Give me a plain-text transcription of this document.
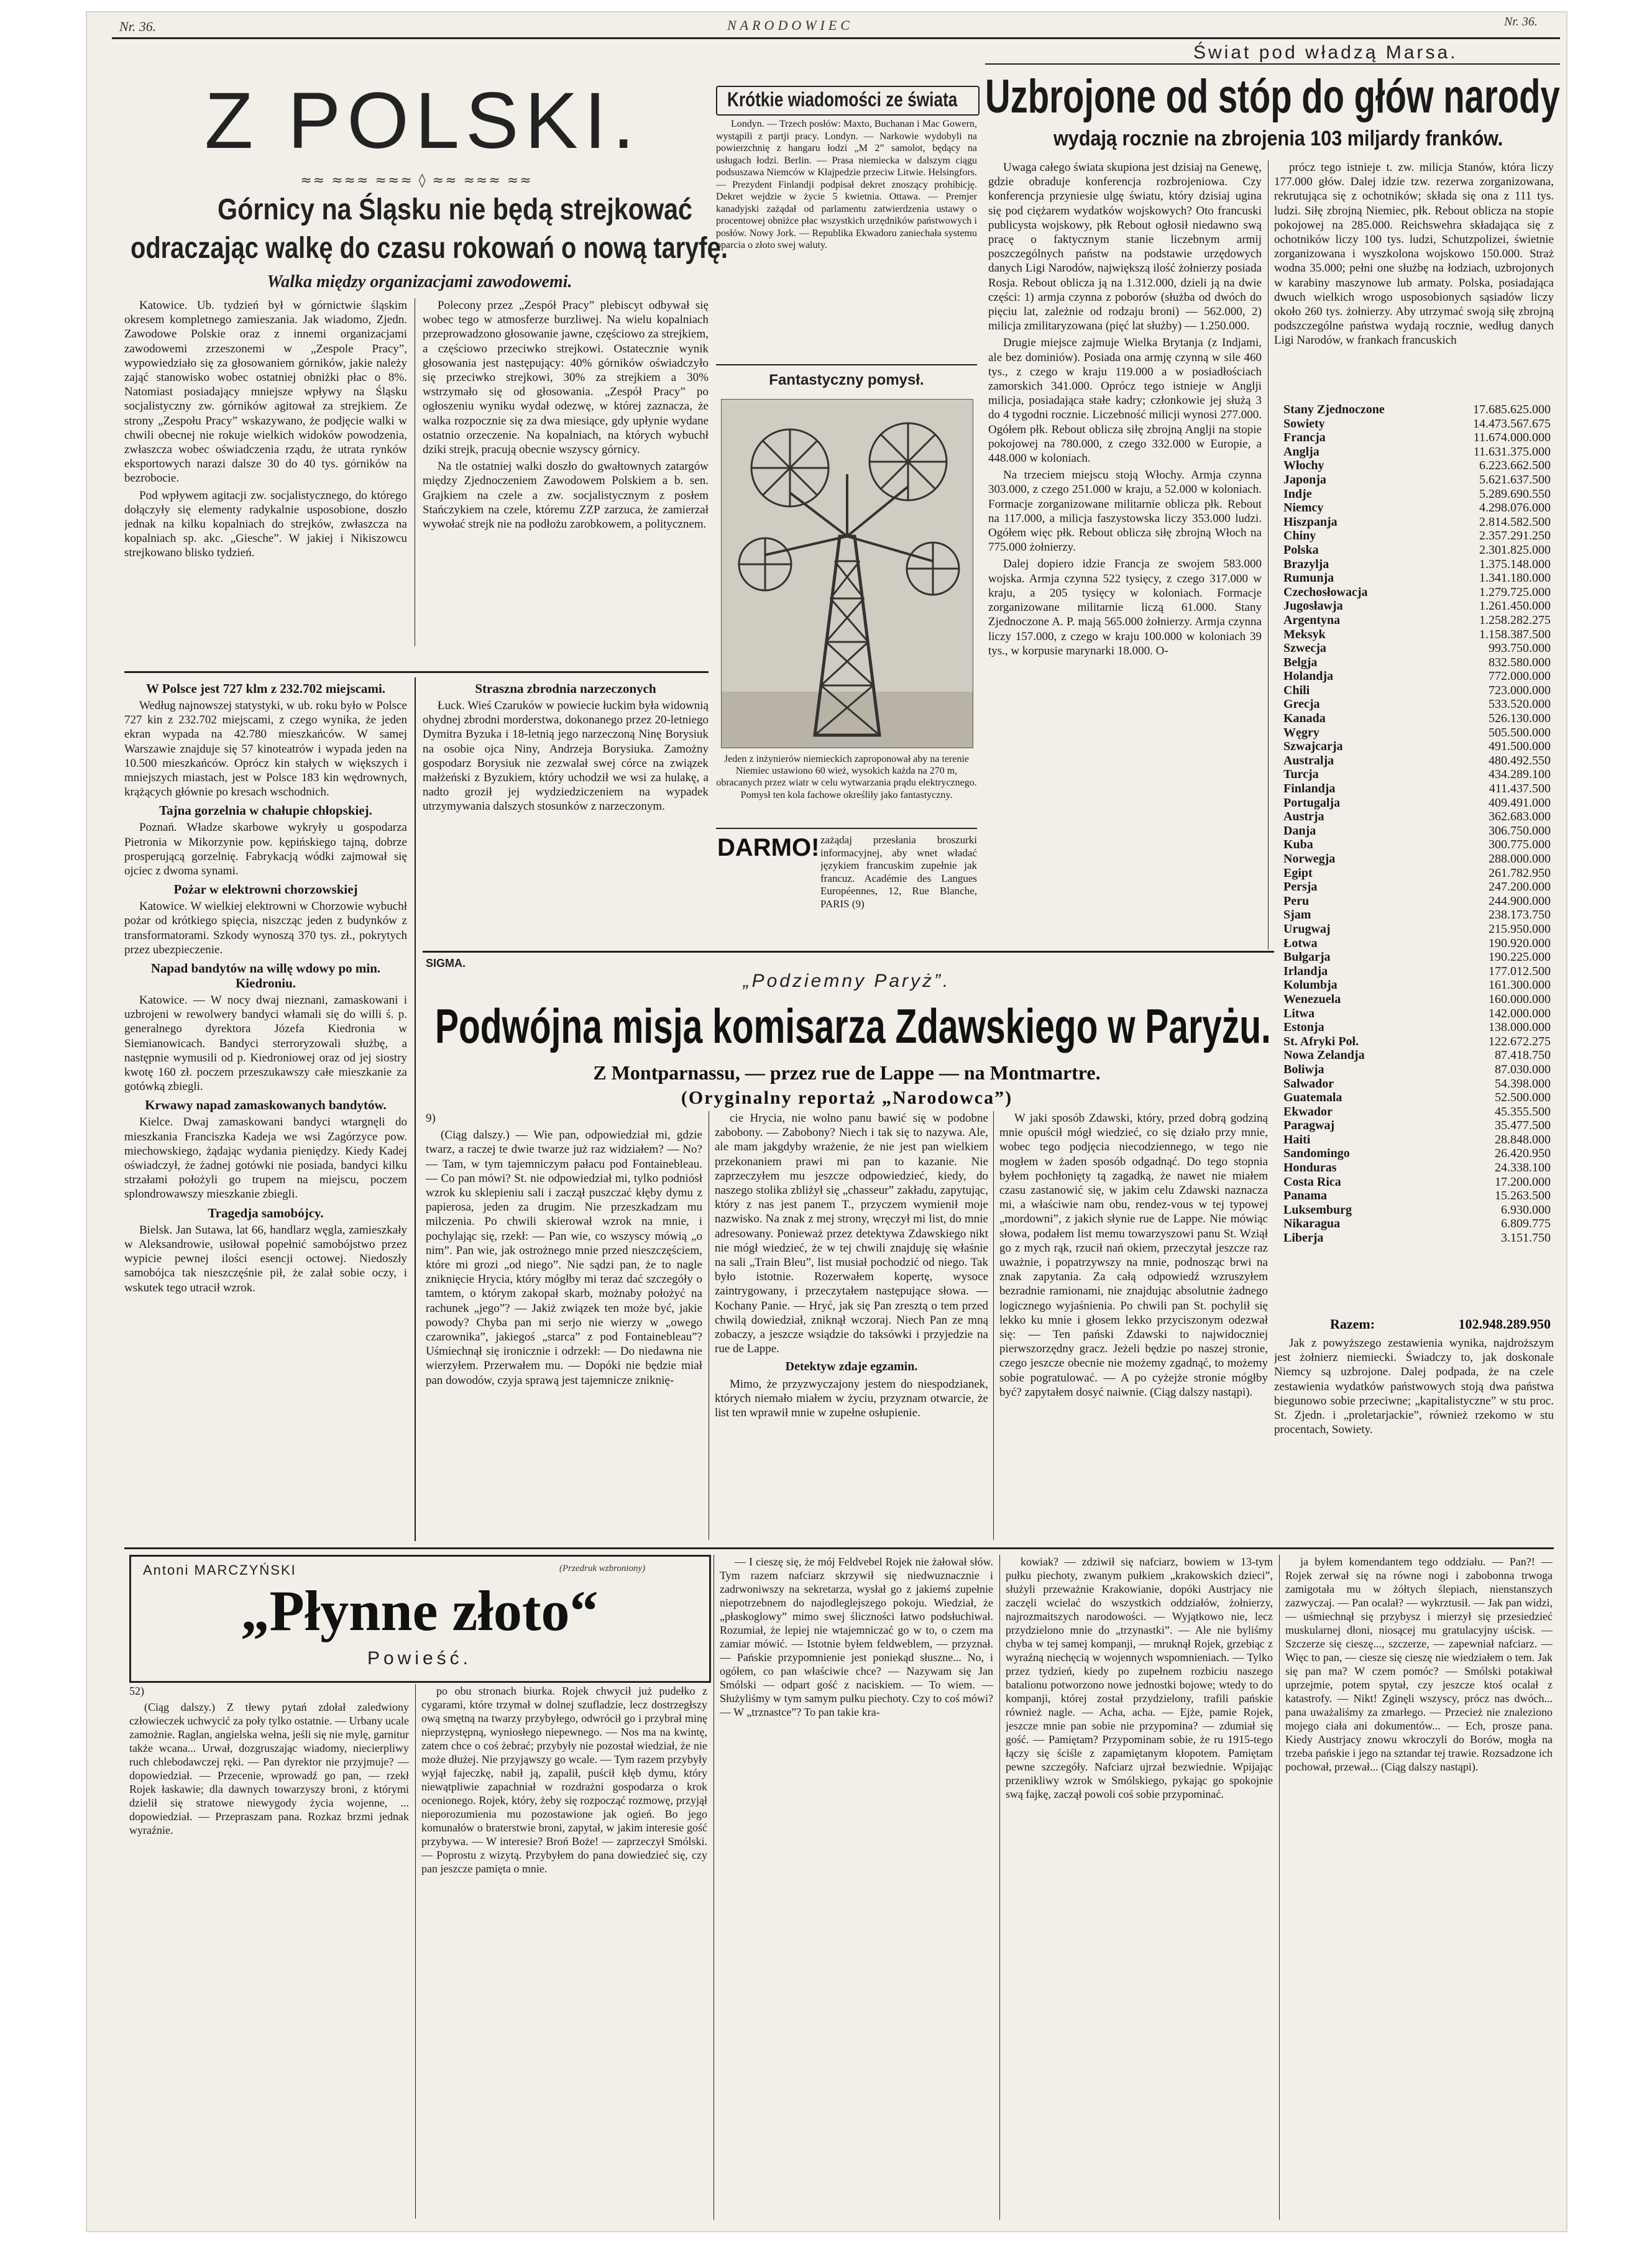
Nr. 36.	NARODOWIEC	Nr. 36.
Z POLSKI.
≈≈ ≈≈≈ ≈≈≈ ◊ ≈≈ ≈≈≈ ≈≈
Górnicy na Śląsku nie będą strejkować
odraczając walkę do czasu rokowań o nową taryfę.
Walka między organizacjami zawodowemi.

Katowice. Ub. tydzień był w górnictwie śląskim okresem kompletnego zamieszania. Jak wiadomo, Zjedn. Zawodowe Polskie oraz z innemi organizacjami zawodowemi zrzeszonemi w „Zespole Pracy”, wypowiedziało się za głosowaniem górników, jakie należy zająć stanowisko wobec ostatniej obniżki płac o 8%. Natomiast posiadający mniejsze wpływy na Śląsku socjalistyczny zw. górników agitował za strejkiem. Ze strony „Zespołu Pracy” wskazywano, że podjęcie walki w chwili obecnej nie rokuje wielkich widoków powodzenia, zwłaszcza wobec oświadczenia rządu, że utrata rynków eksportowych narazi dalsze 30 do 40 tys. górników na bezrobocie.

Pod wpływem agitacji zw. socjalistycznego, do którego dołączyły się elementy radykalnie usposobione, doszło jednak na kilku kopalniach do strejków, zwłaszcza na kopalniach sp. akc. „Giesche”. W jakiej i Nikiszowcu strejkowano blisko tydzień.

Polecony przez „Zespół Pracy” plebiscyt odbywał się wobec tego w atmosferze burzliwej. Na wielu kopalniach przeprowadzono głosowanie jawne, częściowo za strejkiem, a częściowo przeciwko strejkowi. Ostatecznie wynik głosowania jest następujący: 40% górników oświadczyło się przeciwko strejkowi, 30% za strejkiem a 30% wstrzymało się od głosowania. „Zespół Pracy” po ogłoszeniu wyniku wydał odezwę, w której zaznacza, że walka rozpocznie się za dwa miesiące, gdy upłynie wydane ostatnio orzeczenie. Na kopalniach, na których wybuchł dziki strejk, pracują obecnie wszyscy górnicy.

Na tle ostatniej walki doszło do gwałtownych zatargów między Zjednoczeniem Zawodowem Polskiem a b. sen. Grajkiem na czele a zw. socjalistycznym z posłem Stańczykiem na czele, któremu ZZP zarzuca, że zamierzał wywołać strejk nie na podłożu zarobkowem, a politycznem.

W Polsce jest 727 klm z 232.702 miejscami.

Według najnowszej statystyki, w ub. roku było w Polsce 727 kin z 232.702 miejscami, z czego wynika, że jeden ekran wypada na 42.780 mieszkańców. W samej Warszawie znajduje się 57 kinoteatrów i wypada jeden na 10.500 mieszkańców. Oprócz kin stałych w większych i mniejszych miastach, jest w Polsce 183 kin wędrownych, krążących głównie po kresach wschodnich.

Tajna gorzelnia w chałupie chłopskiej.

Poznań. Władze skarbowe wykryły u gospodarza Pietronia w Mikorzynie pow. kępińskiego tajną, dobrze prosperującą gorzelnię. Fabrykacją wódki zajmował się ojciec z dwoma synami.

Pożar w elektrowni chorzowskiej

Katowice. W wielkiej elektrowni w Chorzowie wybuchł pożar od krótkiego spięcia, niszcząc jeden z budynków z transformatorami. Szkody wynoszą 370 tys. zł., pokrytych przez ubezpieczenie.

Napad bandytów na willę wdowy po min. Kiedroniu.

Katowice. — W nocy dwaj nieznani, zamaskowani i uzbrojeni w rewolwery bandyci włamali się do willi ś. p. generalnego dyrektora Józefa Kiedronia w Siemianowicach. Bandyci sterroryzowali służbę, a następnie wymusili od p. Kiedroniowej oraz od jej siostry kwotę 160 zł. poczem przeszukawszy całe mieszkanie za gotówką zbiegli.

Krwawy napad zamaskowanych bandytów.

Kielce. Dwaj zamaskowani bandyci wtargnęli do mieszkania Franciszka Kadeja we wsi Zagórzyce pow. miechowskiego, żądając wydania pieniędzy. Kiedy Kadej oświadczył, że żadnej gotówki nie posiada, bandyci kilku strzałami położyli go trupem na miejscu, poczem splondrowawszy mieszkanie zbiegli.

Tragedja samobójcy.

Bielsk. Jan Sutawa, lat 66, handlarz węgla, zamieszkały w Aleksandrowie, usiłował popełnić samobójstwo przez wypicie pewnej ilości esencji octowej. Niedoszły samobójca tak nieszczęśnie pił, że zalał sobie oczy, i wskutek tego utracił wzrok.

Straszna zbrodnia narzeczonych

Łuck. Wieś Czaruków w powiecie łuckim była widownią ohydnej zbrodni morderstwa, dokonanego przez 20-letniego Dymitra Byzuka i 18-letnią jego narzeczoną Ninę Borysiuk na osobie ojca Niny, Andrzeja Borysiuka. Zamożny gospodarz Borysiuk nie zezwalał swej córce na związek małżeński z Byzukiem, który uchodził we wsi za hulakę, a nadto groził jej wydziedziczeniem na wypadek utrzymywania dalszych stosunków z narzeczonym.

Krótkie wiadomości ze świata

Londyn. — Trzech posłów: Maxto, Buchanan i Mac Gowern, wystąpili z partji pracy. Londyn. — Narkowie wydobyli na powierzchnię z hangaru łodzi „M 2” samolot, będący na usługach łodzi. Berlin. — Prasa niemiecka w dalszym ciągu podsuszawa Niemców w Kłajpedzie przeciw Litwie. Helsingfors. — Prezydent Finlandji podpisał dekret znoszący prohibicję. Dekret wejdzie w życie 5 kwietnia. Ottawa. — Premjer kanadyjski zażądał od parlamentu zatwierdzenia ustawy o procentowej obniżce płac wszystkich urzędników państwowych i posłów. Nowy Jork. — Republika Ekwadoru zaniechała systemu oparcia o złoto swej waluty.

Fantastyczny pomysł.

Jeden z inżynierów niemieckich zaproponował aby na terenie Niemiec ustawiono 60 wież, wysokich każda na 270 m, obracanych przez wiatr w celu wytwarzania prądu elektrycznego. Pomysł ten kola fachowe określiły jako fantastyczny.

DARMO! zażądaj przesłania broszurki informacyjnej, aby wnet władać językiem francuskim zupełnie jak francuz. Académie des Langues Européennes, 12, Rue Blanche, PARIS (9)

Świat pod władzą Marsa.
Uzbrojone od stóp do głów narody
wydają rocznie na zbrojenia 103 miljardy franków.

Uwaga całego świata skupiona jest dzisiaj na Genewę, gdzie obraduje konferencja rozbrojeniowa. Czy konferencja przyniesie ulgę światu, który dzisiaj ugina się pod ciężarem wydatków wojskowych? Oto francuski publicysta wojskowy, płk Rebout ogłosił niedawno swą pracę o faktycznym stanie liczebnym armij poszczególnych państw na podstawie urzędowych danych Ligi Narodów, największą ilość żołnierzy posiada Rosja. Rebout oblicza ją na 1.312.000, dzieli ją na dwie części: 1) armja czynna z poborów (służba od dwóch do pięciu lat, zależnie od rodzaju broni) — 562.000, 2) milicja zmilitaryzowana (pięć lat służby) — 1.250.000.

Drugie miejsce zajmuje Wielka Brytanja (z Indjami, ale bez dominiów). Posiada ona armję czynną w sile 460 tys., z czego w kraju 119.000 a w posiadłościach zamorskich 341.000. Oprócz tego istnieje w Anglji milicja, posiadająca stałe kadry; członkowie jej służą 3 do 4 tygodni rocznie. Liczebność milicji wynosi 277.000. Ogółem płk. Rebout oblicza siłę zbrojną Anglji na stopie pokojowej na 780.000, z czego 332.000 w Europie, a 448.000 w koloniach.

Na trzeciem miejscu stoją Włochy. Armja czynna 303.000, z czego 251.000 w kraju, a 52.000 w koloniach. Formacje zorganizowane militarnie oblicza płk. Rebout na 117.000, a milicja faszystowska liczy 353.000 ludzi. Ogółem więc płk. Rebout oblicza siłę zbrojną Włoch na 775.000 żołnierzy.

Dalej dopiero idzie Francja ze swojem 583.000 wojska. Armja czynna 522 tysięcy, z czego 317.000 w kraju, a 205 tysięcy w koloniach. Formacje zorganizowane militarnie liczą 61.000. Stany Zjednoczone A. P. mają 565.000 żołnierzy. Armja czynna liczy 157.000, z czego w kraju 100.000 w koloniach 39 tys., w korpusie marynarki 18.000. O-

prócz tego istnieje t. zw. milicja Stanów, która liczy 177.000 głów. Dalej idzie tzw. rezerwa zorganizowana, rekrutująca się z ochotników; składa się ona z 111 tys. ludzi. Siłę zbrojną Niemiec, płk. Rebout oblicza na stopie pokojowej na 285.000. Reichswehra składająca się z ochotników liczy 100 tys. ludzi, Schutzpolizei, świetnie zorganizowana i wyszkolona wojskowo 150.000. Straż wodna 35.000; pełni one służbę na łodziach, uzbrojonych w karabiny maszynowe lub armaty. Polska, posiadająca dwuch wielkich wrogo usposobionych sąsiadów liczy około 260 tys. żołnierzy. Aby utrzymać swoją siłę zbrojną podszczególne państwa wydają rocznie, według danych Ligi Narodów, w frankach francuskich

Stany Zjednoczone	17.685.625.000
Sowiety	14.473.567.675
Francja	11.674.000.000
Anglja	11.631.375.000
Włochy	6.223.662.500
Japonja	5.621.637.500
Indje	5.289.690.550
Niemcy	4.298.076.000
Hiszpanja	2.814.582.500
Chiny	2.357.291.250
Polska	2.301.825.000
Brazylja	1.375.148.000
Rumunja	1.341.180.000
Czechosłowacja	1.279.725.000
Jugosławja	1.261.450.000
Argentyna	1.258.282.275
Meksyk	1.158.387.500
Szwecja	993.750.000
Belgja	832.580.000
Holandja	772.000.000
Chili	723.000.000
Grecja	533.520.000
Kanada	526.130.000
Węgry	505.500.000
Szwajcarja	491.500.000
Australja	480.492.550
Turcja	434.289.100
Finlandja	411.437.500
Portugalja	409.491.000
Austrja	362.683.000
Danja	306.750.000
Kuba	300.775.000
Norwegja	288.000.000
Egipt	261.782.950
Persja	247.200.000
Peru	244.900.000
Sjam	238.173.750
Urugwaj	215.950.000
Łotwa	190.920.000
Bułgarja	190.225.000
Irlandja	177.012.500
Kolumbja	161.300.000
Wenezuela	160.000.000
Litwa	142.000.000
Estonja	138.000.000
St. Afryki Poł.	122.672.275
Nowa Zelandja	87.418.750
Boliwja	87.030.000
Salwador	54.398.000
Guatemala	52.500.000
Ekwador	45.355.500
Paragwaj	35.477.500
Haiti	28.848.000
Sandomingo	26.420.950
Honduras	24.338.100
Costa Rica	17.200.000
Panama	15.263.500
Luksemburg	6.930.000
Nikaragua	6.809.775
Liberja	3.151.750
Razem:	102.948.289.950

Jak z powyższego zestawienia wynika, najdroższym jest żołnierz niemiecki. Świadczy to, jak doskonale Niemcy są uzbrojone. Dalej podpada, że na czele zestawienia wydatków państwowych stoją dwa państwa biegunowo sobie przeciwne; „kapitalistyczne” w stu proc. St. Zjedn. i „proletarjackie”, również rzekomo w stu procentach, Sowiety.

SIGMA.
„Podziemny Paryż”.
Podwójna misja komisarza Zdawskiego w Paryżu.
Z Montparnassu, — przez rue de Lappe — na Montmartre.
(Oryginalny reportaż „Narodowca”)

9)

(Ciąg dalszy.) — Wie pan, odpowiedział mi, gdzie twarz, a raczej te dwie twarze już raz widziałem? — No? — Tam, w tym tajemniczym pałacu pod Fontainebleau. — Co pan mówi? St. nie odpowiedział mi, tylko podniósł wzrok ku sklepieniu sali i zaczął puszczać kłęby dymu z papierosa, jeden za drugim. Nie przeszkadzam mu milczenia. Po chwili skierował wzrok na mnie, i pochylając się, rzekł: — Pan wie, co wszyscy mówią „o nim”. Pan wie, jak ostrożnego mnie przed nieszczęściem, które mi grozi „od niego”. Nie sądzi pan, że to nagle zniknięcie Hrycia, który mógłby mi teraz dać szczegóły o tamtem, o którym zakopał skarb, możnaby położyć na rachunek „jego”? — Jakiż związek ten może być, jakie powody? Chyba pan mi serjo nie wierzy w „owego czarownika”, jakiegoś „starca” z pod Fontainebleau”? Uśmiechnął się ironicznie i odrzekł: — Do niedawna nie wierzyłem. Przerwałem mu. — Dopóki nie będzie miał pan dowodów, czyja sprawą jest tajemnicze zniknię-

cie Hrycia, nie wolno panu bawić się w podobne zabobony. — Zabobony? Niech i tak się to nazywa. Ale, ale mam jakgdyby wrażenie, że nie jest pan wielkiem przekonaniem prawi mi pan to kazanie. Nie zaprzeczyłem mu jeszcze odpowiedzieć, kiedy, do naszego stolika zbliżył się „chasseur” zakładu, zapytując, który z nas jest panem T., przyczem wymienił moje nazwisko. Na znak z mej strony, wręczył mi list, do mnie adresowany. Ponieważ przez detektywa Zdawskiego nikt nie mógł wiedzieć, że w tej chwili znajduję się właśnie na sali „Train Bleu”, list musiał pochodzić od niego. Tak było istotnie. Rozerwałem kopertę, wysoce zaintrygowany, i przeczytałem następujące słowa. — Kochany Panie. — Hryć, jak się Pan zresztą o tem przed chwilą dowiedział, zniknął wczoraj. Niech Pan ze mną zobaczy, a jeszcze wsiądzie do taksówki i przyjedzie na rue de Lappe.

Detektyw zdaje egzamin.

Mimo, że przyzwyczajony jestem do niespodzianek, których niemało miałem w życiu, przyznam otwarcie, że list ten wprawił mnie w zupełne osłupienie.

W jaki sposób Zdawski, który, przed dobrą godziną mnie opuścił mógł wiedzieć, co się działo przy mnie, wobec tego podjęcia niecodziennego, w tego nie mogłem w żaden sposób odgadnąć. Do tego stopnia byłem pochłonięty tą zagadką, że nawet nie miałem czasu zastanowić się, w jakim celu Zdawski naznacza mi, a właściwie nam obu, rendez-vous w tej typowej „mordowni”, z jakich słynie rue de Lappe. Nie mówiąc słowa, podałem list memu towarzyszowi panu St. Wziął go z mych rąk, rzucił nań okiem, przeczytał jeszcze raz uważnie, i popatrzywszy na mnie, podnosząc brwi na znak zapytania. Za całą odpowiedź wzruszyłem bezradnie ramionami, nie znajdując absolutnie żadnego logicznego wyjaśnienia. Po chwili pan St. pochylił się lekko ku mnie i głosem lekko przyciszonym odezwał się: — Ten pański Zdawski to najwidoczniej pierwszorzędny gracz. Jeżeli będzie po naszej stronie, czego jeszcze obecnie nie możemy zgadnąć, to możemy sobie pogratulować. — A po cyżejże stronie mógłby być? zapytałem dosyć naiwnie. (Ciąg dalszy nastąpi).

Antoni MARCZYŃSKI	(Przedruk wzbroniony)
„Płynne złoto“
Powieść.

52)

(Ciąg dalszy.) Z tłewy pytań zdołał zaledwiony człowieczek uchwycić za poły tylko ostatnie. — Urbany ucale zamożnie. Raglan, angielska wełna, jeśli się nie mylę, garnitur także wcana... Urwał, dozgruszając wiadomy, niecierpliwy ruch chlebodawczej ręki. — Pan dyrektor nie przyjmuje? — dopowiedział. — Przecenie, wprowadź go pan, — rzekł Rojek łaskawie; dla dawnych towarzyszy broni, z którymi dzielił się stratowe niewygody życia wojenne, ... dopowiedział. — Przepraszam pana. Rozkaz brzmi jednak wyraźnie.

po obu stronach biurka. Rojek chwycił już pudełko z cygarami, które trzymał w dolnej szufladzie, lecz dostrzegłszy ową smętną na twarzy przybyłego, odwrócił go i przybrał minę nieprzystępną, wyniosłego niepewnego. — Nos ma na kwintę, zatem chce o coś żebrać; przybyły nie pozostał wiedział, że nie może dłużej. Nie przyjąwszy go wcale. — Tym razem przybyły wyjął fajeczkę, nabił ją, zapalił, puścił kłęb dymu, który niewątpliwie zapachniał w rozdrażni gospodarza o krok ocenionego. Rojek, który, żeby się rozpocząć rozmowę, przyjął nieporozumienia mu pozostawione jak ogień. Bo jego komunałów o braterstwie broni, zapytał, w jakim interesie gość przybywa. — W interesie? Broń Boże! — zaprzeczył Smólski. — Poprostu z wizytą. Przybyłem do pana dowiedzieć się, czy pan jeszcze pamięta o mnie.

— I cieszę się, że mój Feldvebel Rojek nie żałował słów. Tym razem nafciarz skrzywił się niedwuznacznie i zadrwoniwszy na sekretarza, wysłał go z jakiemś zupełnie niepotrzebnem do najodleglejszego pokoju. Wiedział, że „płaskoglowy” mimo swej śliczności łatwo podsłuchiwał. Rozumiał, że lepiej nie wtajemniczać go w to, o czem ma zamiar mówić. — Istotnie byłem feldweblem, — przyznał. — Pańskie przypomnienie jest poniekąd słuszne... No, i ogółem, co pan właściwie chce? — Nazywam się Jan Smólski — odpart gość z naciskiem. — To wiem. — Służyliśmy w tym samym pułku piechoty. Czy to coś mówi? — W „trznastce”? To pan takie kra-

kowiak? — zdziwił się nafciarz, bowiem w 13-tym pułku piechoty, zwanym pułkiem „krakowskich dzieci”, służyli przeważnie Krakowianie, dopóki Austrjacy nie zaczęli wcielać do wszystkich oddziałów, żołnierzy, najrozmaitszych narodowości. — Wyjątkowo nie, lecz przydzielono mnie do „trzynastki”. — Ale nie byliśmy chyba w tej samej kompanji, — mruknął Rojek, grzebiąc z wyraźną niechęcią w wojennych wspomnieniach. — Tylko przez tydzień, kiedy po zupełnem rozbiciu naszego batalionu potworzono nowe jednostki bojowe; wtedy to do kompanji, której został przydzielony, trafili pańskie również nagle. — Acha, acha. — Ejże, pamie Rojek, jeszcze mnie pan sobie nie przypomina? — zdumiał się gość. — Pamiętam? Przypominam sobie, że ru 1915-tego łączy się ściśle z zapamiętanym kłopotem. Pamiętam pewne szczegóły. Nafciarz ujrzał bezwiednie. Wpijając przenikliwy wzrok w Smólskiego, pykając go spokojnie swą fajkę, zaczął powoli coś sobie przypominać.

ja byłem komendantem tego oddziału. — Pan?! — Rojek zerwał się na równe nogi i zabobonna trwoga zamigotała mu w żółtych ślepiach, nienstanszych zazwyczaj. — Pan ocalał? — wykrztusił. — Jak pan widzi, — uśmiechnął się przybysz i mierzył się przesiedzieć muskularnej dłoni, niosącej mu gratulacyjny uścisk. — Szczerze się cieszę..., szczerze, — zapewniał nafciarz. — Więc to pan, — ciesze się cieszę nie wiedziałem o tem. Jak się pan ma? W czem pomóc? — Smólski potakiwał uprzejmie, potem spytał, czy jeszcze ktoś ocalał z katastrofy. — Nikt! Zginęli wszyscy, prócz nas dwóch... pana uważaliśmy za zmarłego. — Przecież nie znaleziono mojego ciała ani dokumentów... — Ech, prosze pana. Kiedy Austrjacy znowu wkroczyli do Borów, mogła na trzeba pańskie i jego na sztandar tej trawie. Rozsadzone ich pochował, przewał... (Ciąg dalszy nastąpi).
